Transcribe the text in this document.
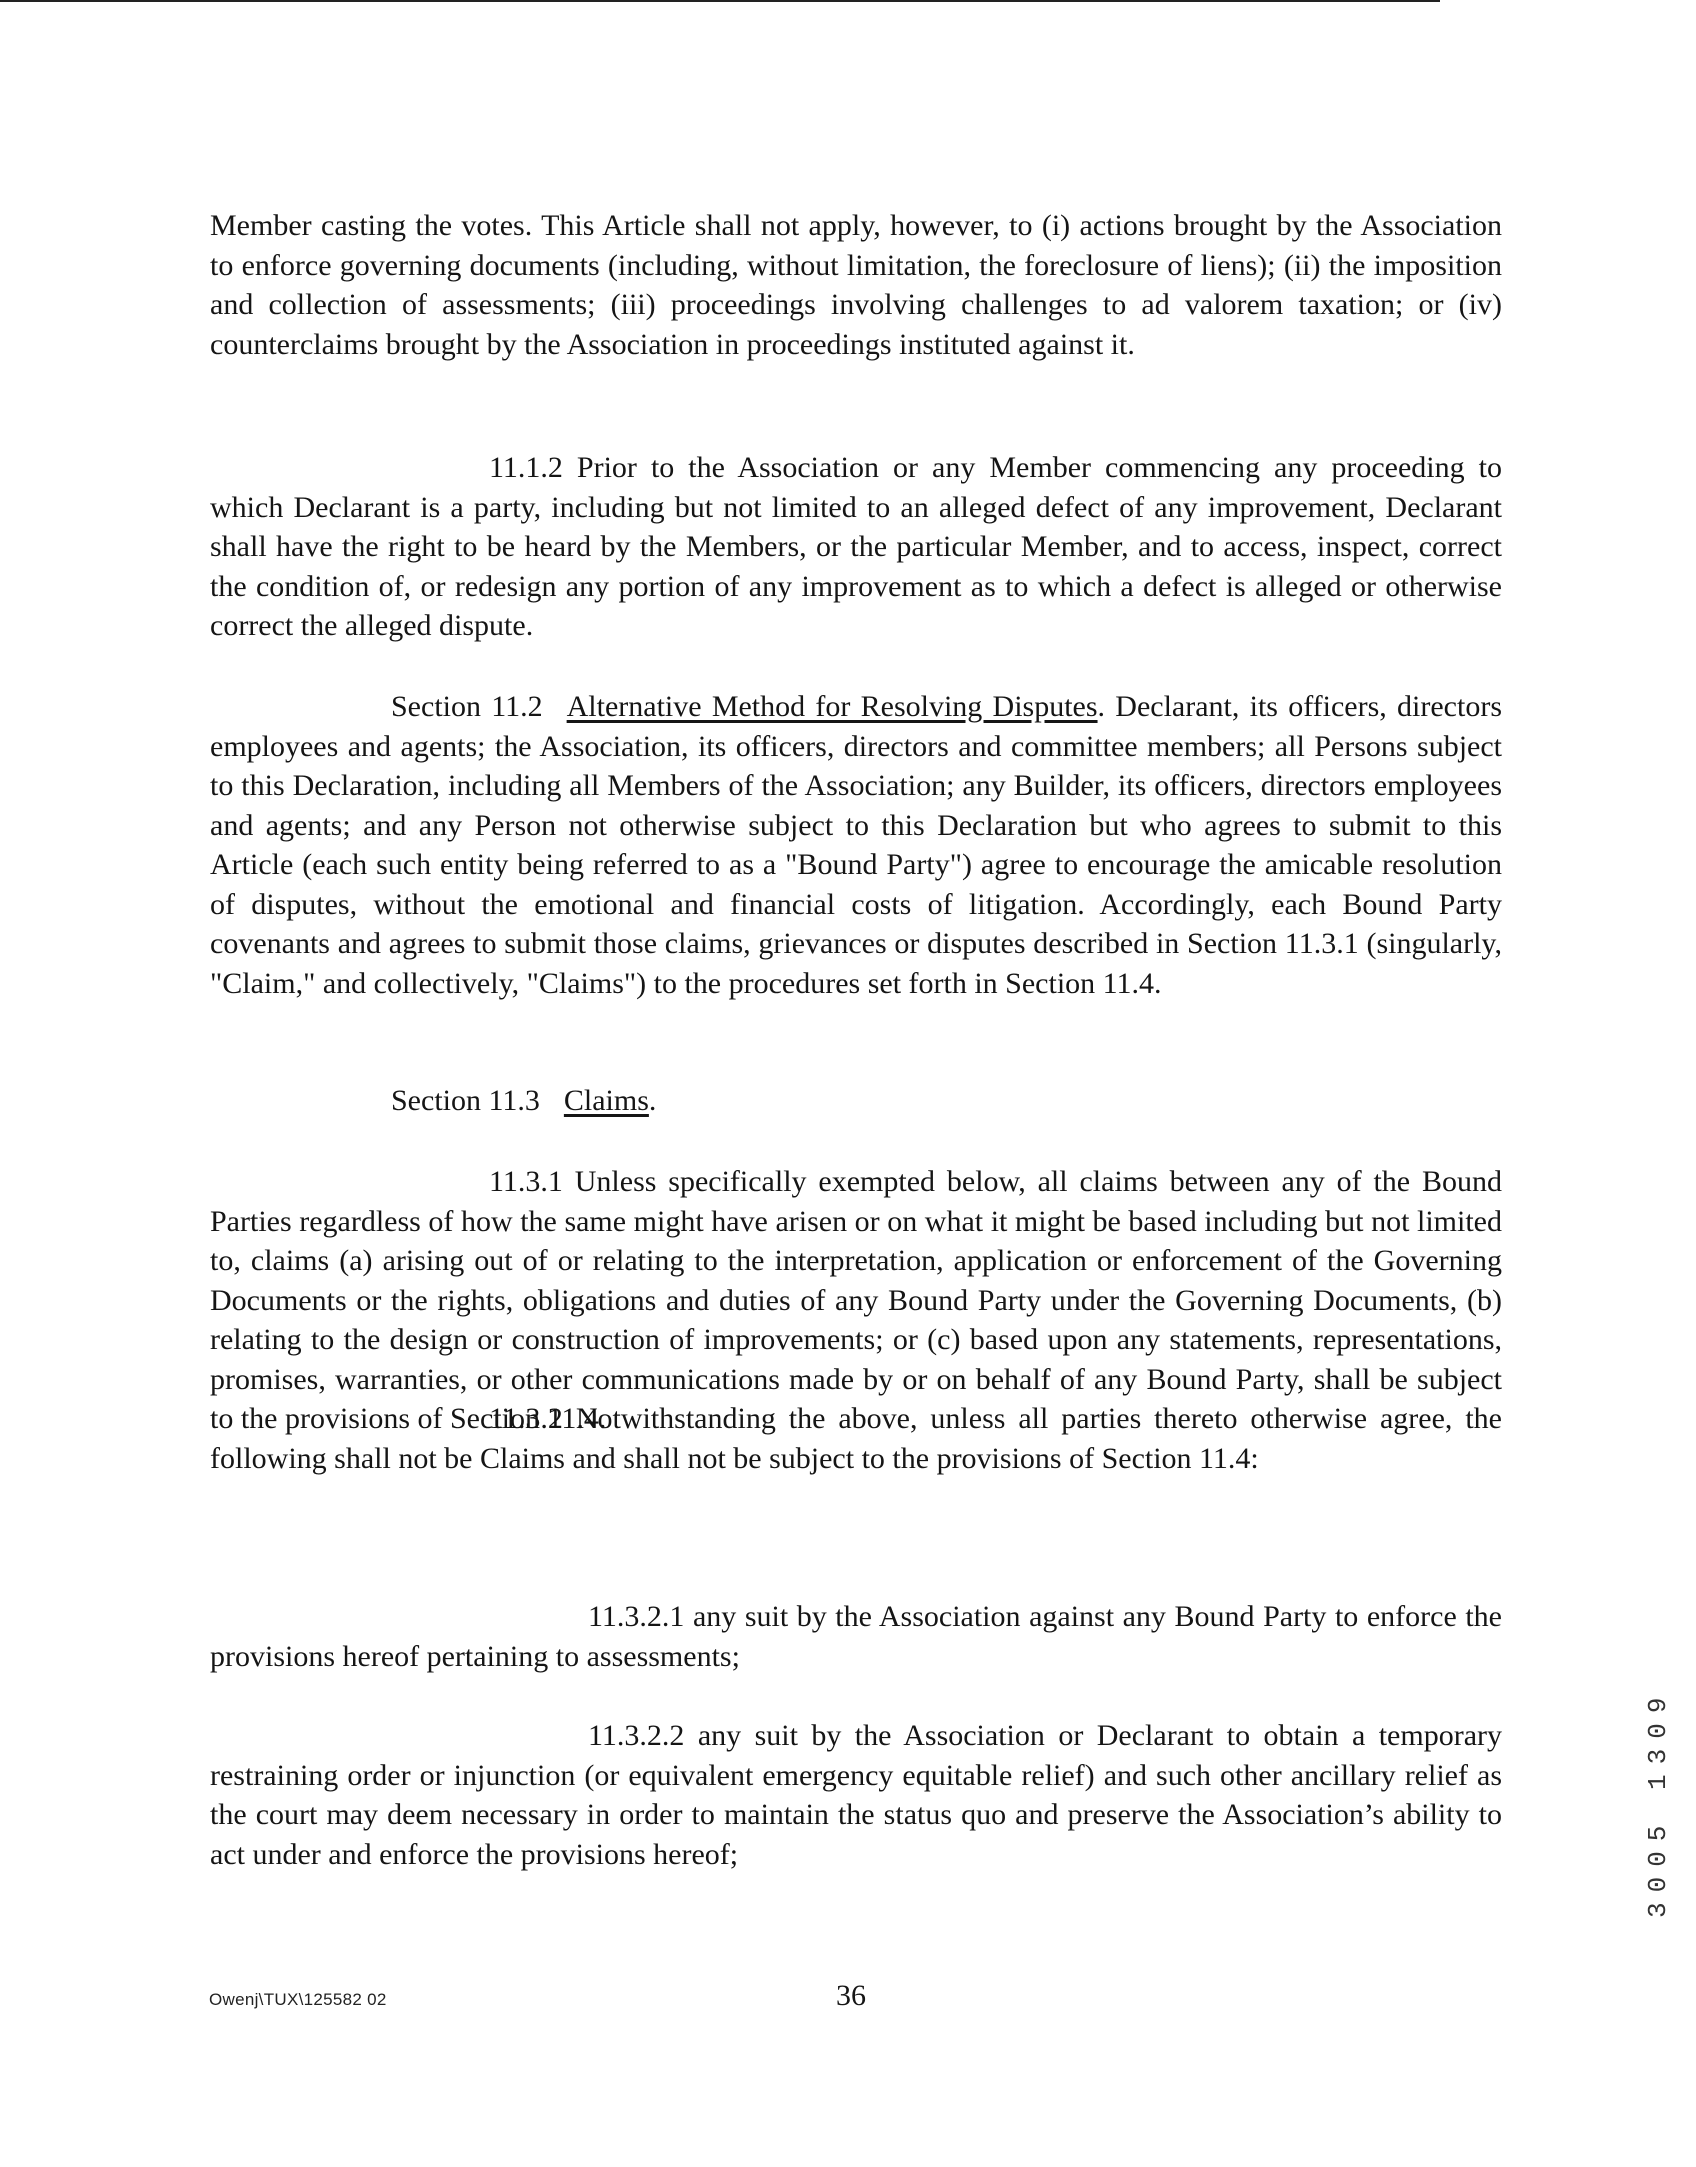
Member casting the votes. This Article shall not apply, however, to (i) actions brought by the Association to enforce governing documents (including, without limitation, the foreclosure of liens); (ii) the imposition and collection of assessments; (iii) proceedings involving challenges to ad valorem taxation; or (iv) counterclaims brought by the Association in proceedings instituted against it.

11.1.2 Prior to the Association or any Member commencing any proceeding to which Declarant is a party, including but not limited to an alleged defect of any improvement, Declarant shall have the right to be heard by the Members, or the particular Member, and to access, inspect, correct the condition of, or redesign any portion of any improvement as to which a defect is alleged or otherwise correct the alleged dispute.

Section 11.2 Alternative Method for Resolving Disputes. Declarant, its officers, directors employees and agents; the Association, its officers, directors and committee members; all Persons subject to this Declaration, including all Members of the Association; any Builder, its officers, directors employees and agents; and any Person not otherwise subject to this Declaration but who agrees to submit to this Article (each such entity being referred to as a "Bound Party") agree to encourage the amicable resolution of disputes, without the emotional and financial costs of litigation. Accordingly, each Bound Party covenants and agrees to submit those claims, grievances or disputes described in Section 11.3.1 (singularly, "Claim," and collectively, "Claims") to the procedures set forth in Section 11.4.

Section 11.3 Claims.

11.3.1 Unless specifically exempted below, all claims between any of the Bound Parties regardless of how the same might have arisen or on what it might be based including but not limited to, claims (a) arising out of or relating to the interpretation, application or enforcement of the Governing Documents or the rights, obligations and duties of any Bound Party under the Governing Documents, (b) relating to the design or construction of improvements; or (c) based upon any statements, representations, promises, warranties, or other communications made by or on behalf of any Bound Party, shall be subject to the provisions of Section 11.4.

11.3.2 Notwithstanding the above, unless all parties thereto otherwise agree, the following shall not be Claims and shall not be subject to the provisions of Section 11.4:

11.3.2.1 any suit by the Association against any Bound Party to enforce the provisions hereof pertaining to assessments;

11.3.2.2 any suit by the Association or Declarant to obtain a temporary restraining order or injunction (or equivalent emergency equitable relief) and such other ancillary relief as the court may deem necessary in order to maintain the status quo and preserve the Association’s ability to act under and enforce the provisions hereof;

Owenj\TUX\125582 02	36
3005 1309
